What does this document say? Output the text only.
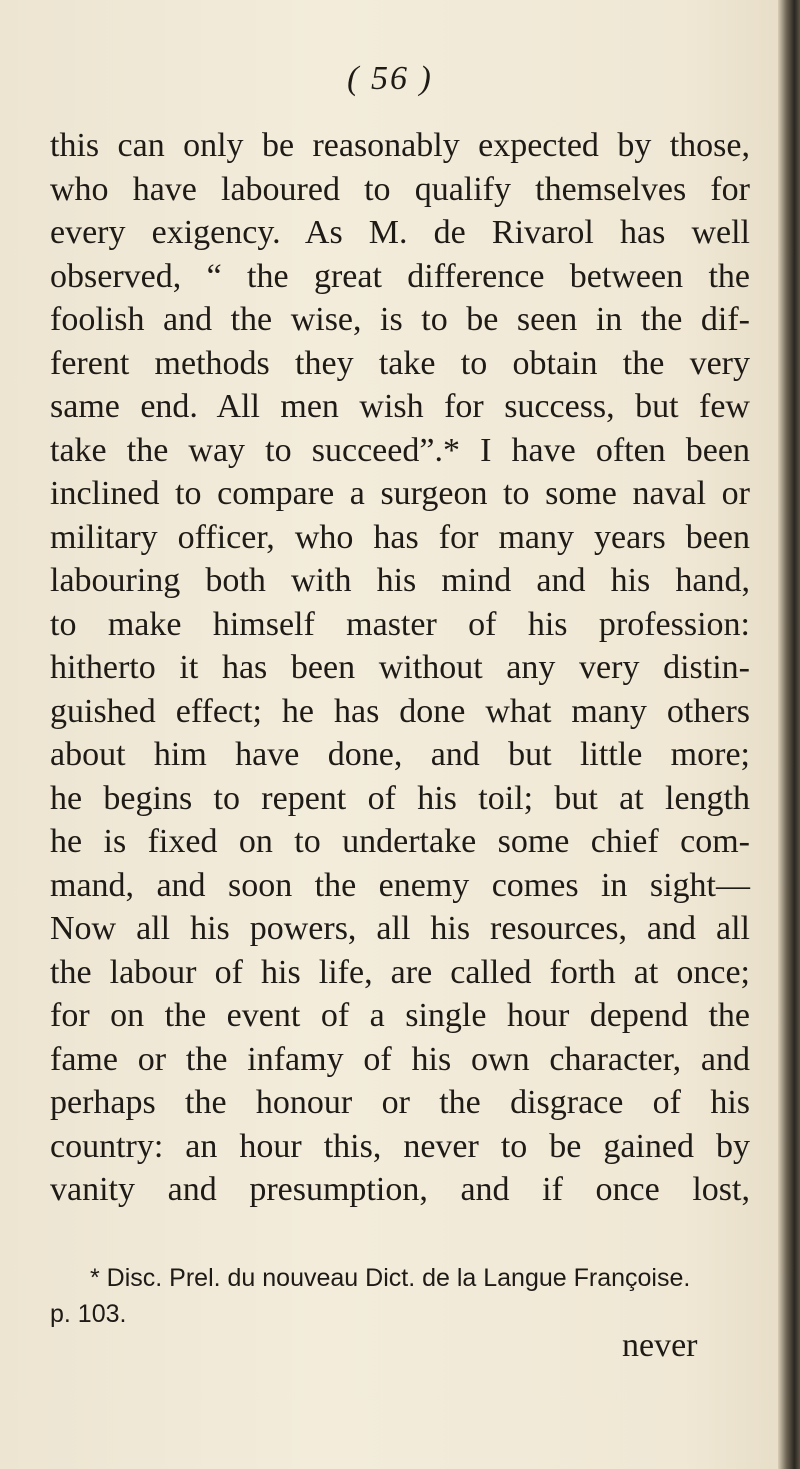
( 56 )
this can only be reasonably expected by those,
who have laboured to qualify themselves for
every exigency. As M. de Rivarol has well
observed, “ the great difference between the
foolish and the wise, is to be seen in the dif-
ferent methods they take to obtain the very
same end. All men wish for success, but few
take the way to succeed”.* I have often been
inclined to compare a surgeon to some naval or
military officer, who has for many years been
labouring both with his mind and his hand,
to make himself master of his profession:
hitherto it has been without any very distin-
guished effect; he has done what many others
about him have done, and but little more;
he begins to repent of his toil; but at length
he is fixed on to undertake some chief com-
mand, and soon the enemy comes in sight—
Now all his powers, all his resources, and all
the labour of his life, are called forth at once;
for on the event of a single hour depend the
fame or the infamy of his own character, and
perhaps the honour or the disgrace of his
country: an hour this, never to be gained by
vanity and presumption, and if once lost,
* Disc. Prel. du nouveau Dict. de la Langue Françoise.
p. 103.
never
